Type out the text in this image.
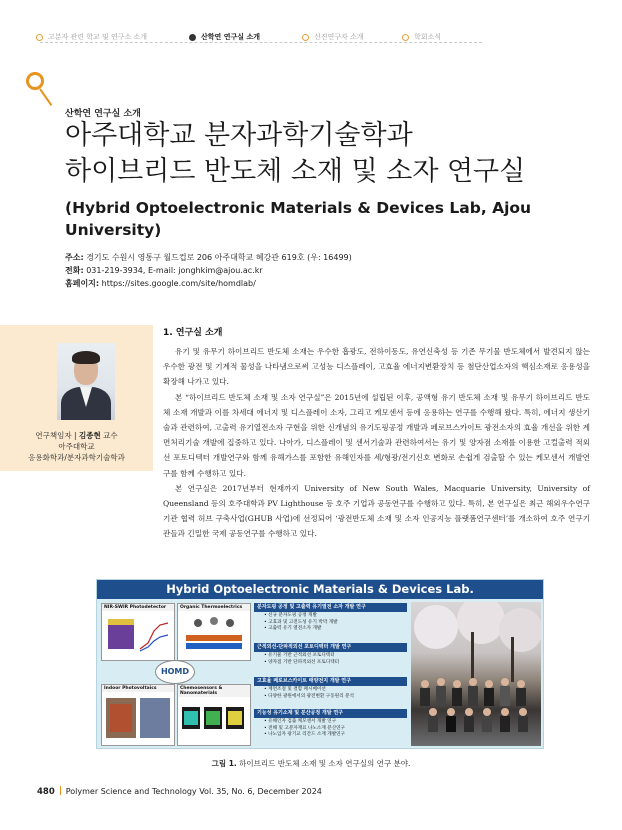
고분자 관련 학교 및 연구소 소개	산학연 연구실 소개	신진연구자 소개	학회소식
산학연 연구실 소개
아주대학교 분자과학기술학과
하이브리드 반도체 소재 및 소자 연구실
(Hybrid Optoelectronic Materials & Devices Lab, Ajou University)
주소: 경기도 수원시 영통구 월드컵로 206 아주대학교 혜강관 619호 (우: 16499)
전화: 031-219-3934, E-mail: jonghkim@ajou.ac.kr
홈페이지: https://sites.google.com/site/homdlab/
연구책임자 | 김종현 교수
아주대학교
응용화학과/분자과학기술학과
1. 연구실 소개

유기 및 유무기 하이브리드 반도체 소재는 우수한 흡광도, 전하이동도, 유연신축성 등 기존 무기물 반도체에서 발견되지 않는 우수한 광전 및 기계적 물성을 나타냄으로써 고성능 디스플레이, 고효율 에너지변환장치 등 첨단산업소자의 핵심소재로 응용성을 확장해 나가고 있다.

본 “하이브리드 반도체 소재 및 소자 연구실”은 2015년에 설립된 이후, 공액형 유기 반도체 소재 및 유무기 하이브리드 반도체 소재 개발과 이를 차세대 에너지 및 디스플레이 소자, 그리고 케모센서 등에 응용하는 연구를 수행해 왔다. 특히, 에너지 생산기술과 관련하여, 고출력 유기열전소자 구현을 위한 신개념의 유기도핑공정 개발과 페로브스카이트 광전소자의 효율 개선을 위한 계면처리기술 개발에 집중하고 있다. 나아가, 디스플레이 및 센서기술과 관련하여서는 유기 및 양자점 소재를 이용한 고컬출력 적외선 포토디텍터 개발연구와 함께 유해가스를 포함한 유해인자를 세/형광/전기신호 변화로 손쉽게 검출할 수 있는 케모센서 개발연구를 함께 수행하고 있다.

본 연구실은 2017년부터 현재까지 University of New South Wales, Macquarie University, University of Queensland 등의 호주대학과 PV Lighthouse 등 호주 기업과 공동연구를 수행하고 있다. 특히, 본 연구실은 최근 해외우수연구기관 협력 허브 구축사업(GHUB 사업)에 선정되어 ‘광전반도체 소재 및 소자 인공지능 플랫폼연구센터’를 개소하여 호주 연구기관들과 긴밀한 국제 공동연구를 수행하고 있다.

Hybrid Optoelectronic Materials & Devices Lab.
NIR-SWIR Photodetector	Organic Thermoelectrics
Indoor Photovoltaics	Chemosensors & Nanomaterials
HOMD
분자도핑 공정 및 고출력 유기열전 소자 개발 연구
• 신규 분자도핑 공정 개발
• 고효과 및 고전도성 유기 박막 개발
• 고출력 유기 열전소자 개발
근적외선-단파적외선 포토디텍터 개발 연구
• 유기물 기반 근적외선 포토디텍터
• 양자점 기반 단파적외선 포토디텍터
고효율 페로브스카이트 태양전지 개발 연구
• 계면조절 및 결함 페시베이션
• 다양한 광원에서의 광전변환 구동원리 분석
기능성 유기소재 및 분산공정 개발 연구
• 유해인자 검출 케모센서 개발 연구
• 전해 및 고분자재료 나노소재 분산연구
• 나노입자 광기교 리간드 소재 개발연구
그림 1. 하이브리드 반도체 소재 및 소자 연구실의 연구 분야.
480 Polymer Science and Technology Vol. 35, No. 6, December 2024
